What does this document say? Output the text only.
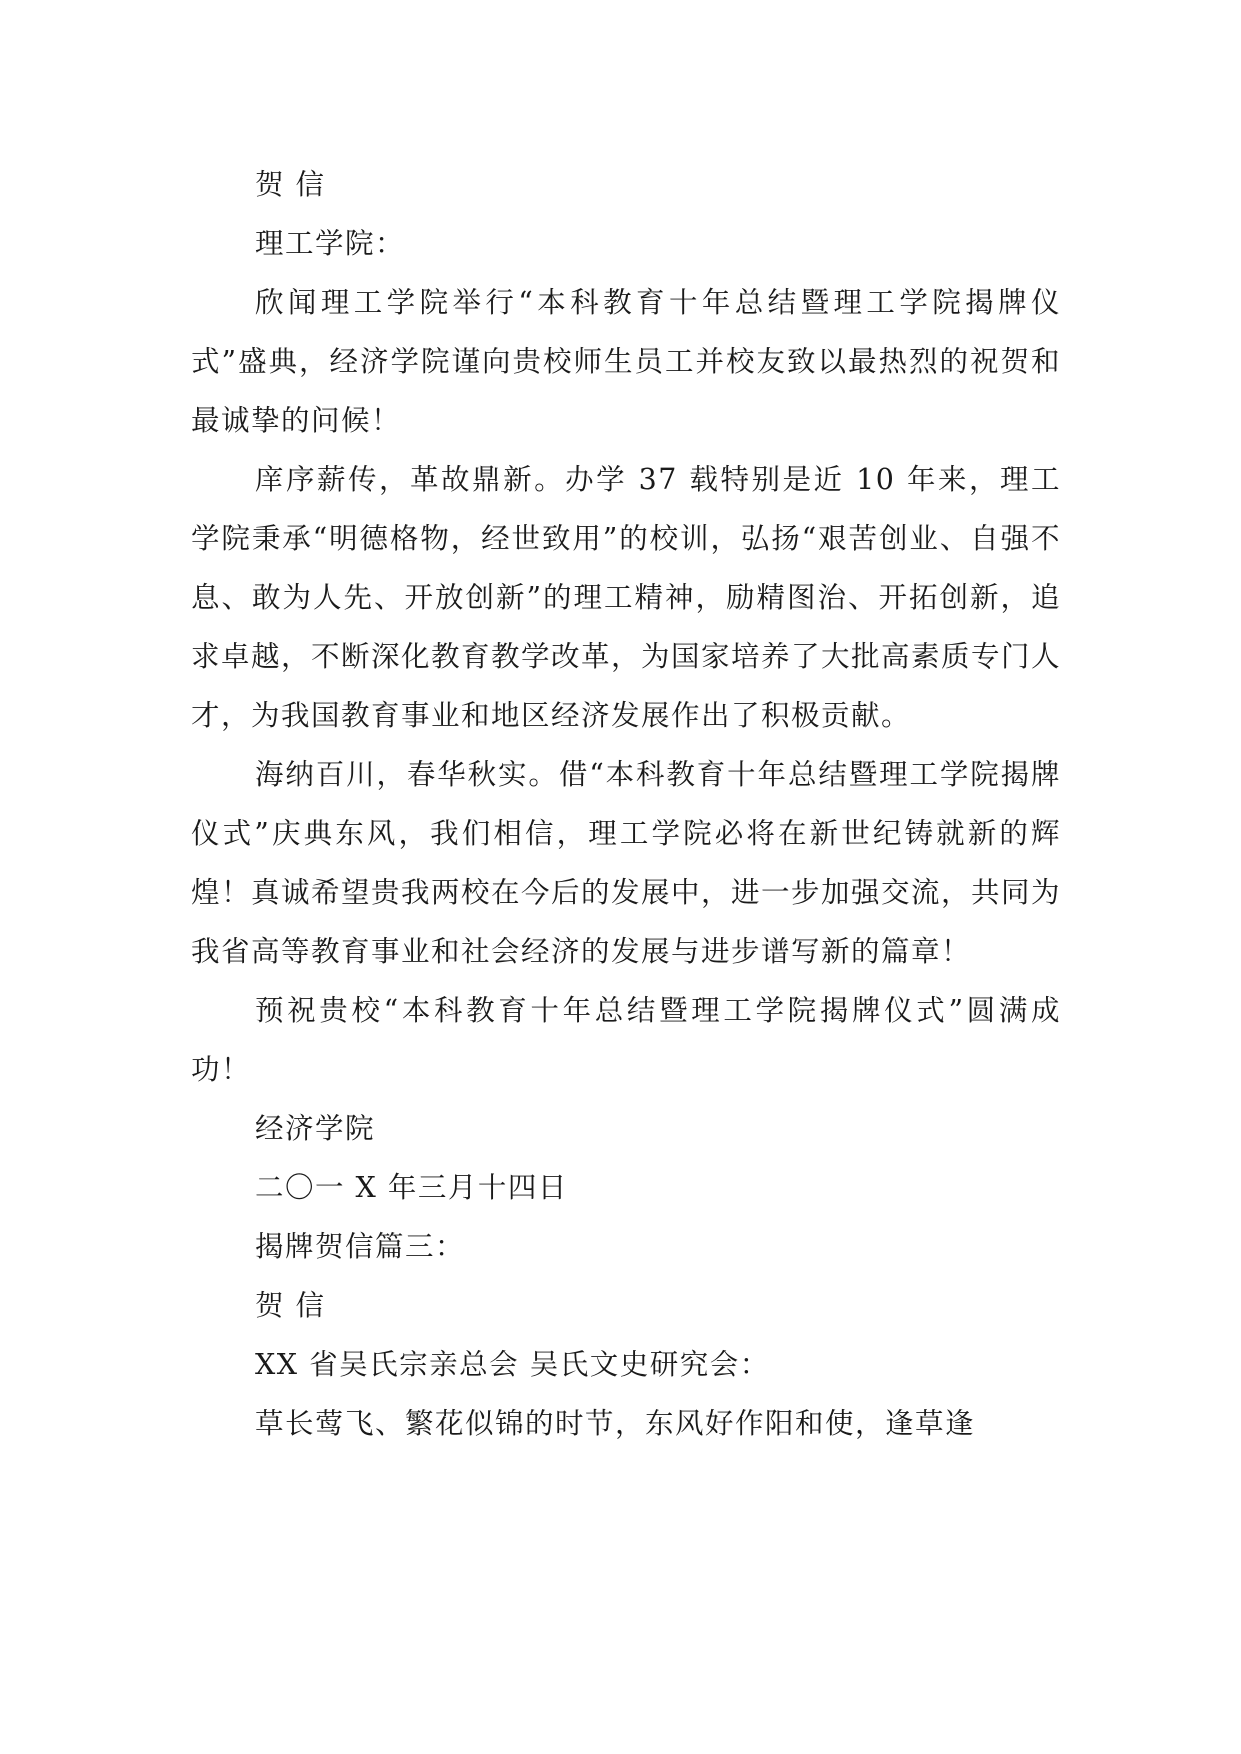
贺 信
理工学院：
欣闻理工学院举行“本科教育十年总结暨理工学院揭牌仪式”盛典，经济学院谨向贵校师生员工并校友致以最热烈的祝贺和最诚挚的问候！
庠序薪传，革故鼎新。办学 37 载特别是近 10 年来，理工学院秉承“明德格物，经世致用”的校训，弘扬“艰苦创业、自强不息、敢为人先、开放创新”的理工精神，励精图治、开拓创新，追求卓越，不断深化教育教学改革，为国家培养了大批高素质专门人才，为我国教育事业和地区经济发展作出了积极贡献。
海纳百川，春华秋实。借“本科教育十年总结暨理工学院揭牌仪式”庆典东风，我们相信，理工学院必将在新世纪铸就新的辉煌！真诚希望贵我两校在今后的发展中，进一步加强交流，共同为我省高等教育事业和社会经济的发展与进步谱写新的篇章！
预祝贵校“本科教育十年总结暨理工学院揭牌仪式”圆满成功！
经济学院
二〇一 X 年三月十四日
揭牌贺信篇三：
贺 信
XX 省吴氏宗亲总会 吴氏文史研究会：
草长莺飞、繁花似锦的时节，东风好作阳和使，逢草逢
